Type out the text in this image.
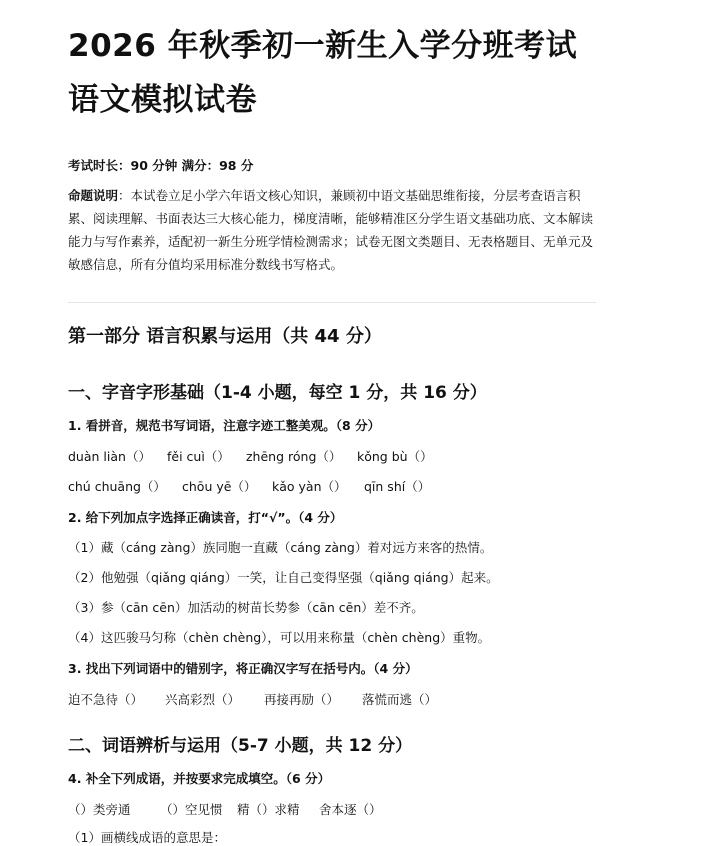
2026 年秋季初一新生入学分班考试
语文模拟试卷
考试时长：90 分钟 满分：98 分
命题说明：本试卷立足小学六年语文核心知识，兼顾初中语文基础思维衔接，分层考查语言积累、阅读理解、书面表达三大核心能力，梯度清晰，能够精准区分学生语文基础功底、文本解读能力与写作素养，适配初一新生分班学情检测需求；试卷无图文类题目、无表格题目、无单元及敏感信息，所有分值均采用标准分数线书写格式。
第一部分 语言积累与运用（共 44 分）
一、字音字形基础（1-4 小题，每空 1 分，共 16 分）
1. 看拼音，规范书写词语，注意字迹工整美观。（8 分）
duàn liàn（） fěi cuì（） zhēng róng（） kǒng bù（）
chú chuāng（） chōu yē（） kǎo yàn（） qīn shí（）
2. 给下列加点字选择正确读音，打“√”。（4 分）
（1）藏（cáng zàng）族同胞一直藏（cáng zàng）着对远方来客的热情。
（2）他勉强（qiǎng qiáng）一笑，让自己变得坚强（qiǎng qiáng）起来。
（3）参（cān cēn）加活动的树苗长势参（cān cēn）差不齐。
（4）这匹骏马匀称（chèn chèng），可以用来称量（chèn chèng）重物。
3. 找出下列词语中的错别字，将正确汉字写在括号内。（4 分）
迫不急待（） 兴高彩烈（） 再接再励（） 落慌而逃（）
二、词语辨析与运用（5-7 小题，共 12 分）
4. 补全下列成语，并按要求完成填空。（6 分）
（）类旁通 （）空见惯 精（）求精 舍本逐（）
（1）画横线成语的意思是：
